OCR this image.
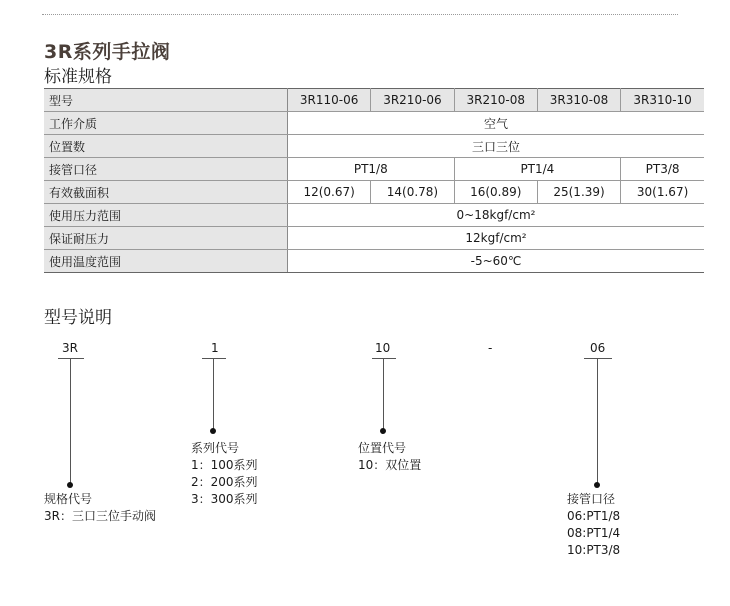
3R系列手拉阀
标准规格
型号	3R110-06	3R210-06	3R210-08	3R310-08	3R310-10
工作介质	空气				
位置数	三口三位				
接管口径	PT1/8		PT1/4		PT3/8
有效截面积	12(0.67)	14(0.78)	16(0.89)	25(1.39)	30(1.67)
使用压力范围	0~18kgf/cm²				
保证耐压力	12kgf/cm²				
使用温度范围	-5~60℃				
型号说明
3R	1	10	-	06
规格代号
3R：三口三位手动阀
系列代号
1：100系列
2：200系列
3：300系列
位置代号
10：双位置
接管口径
06:PT1/8
08:PT1/4
10:PT3/8
